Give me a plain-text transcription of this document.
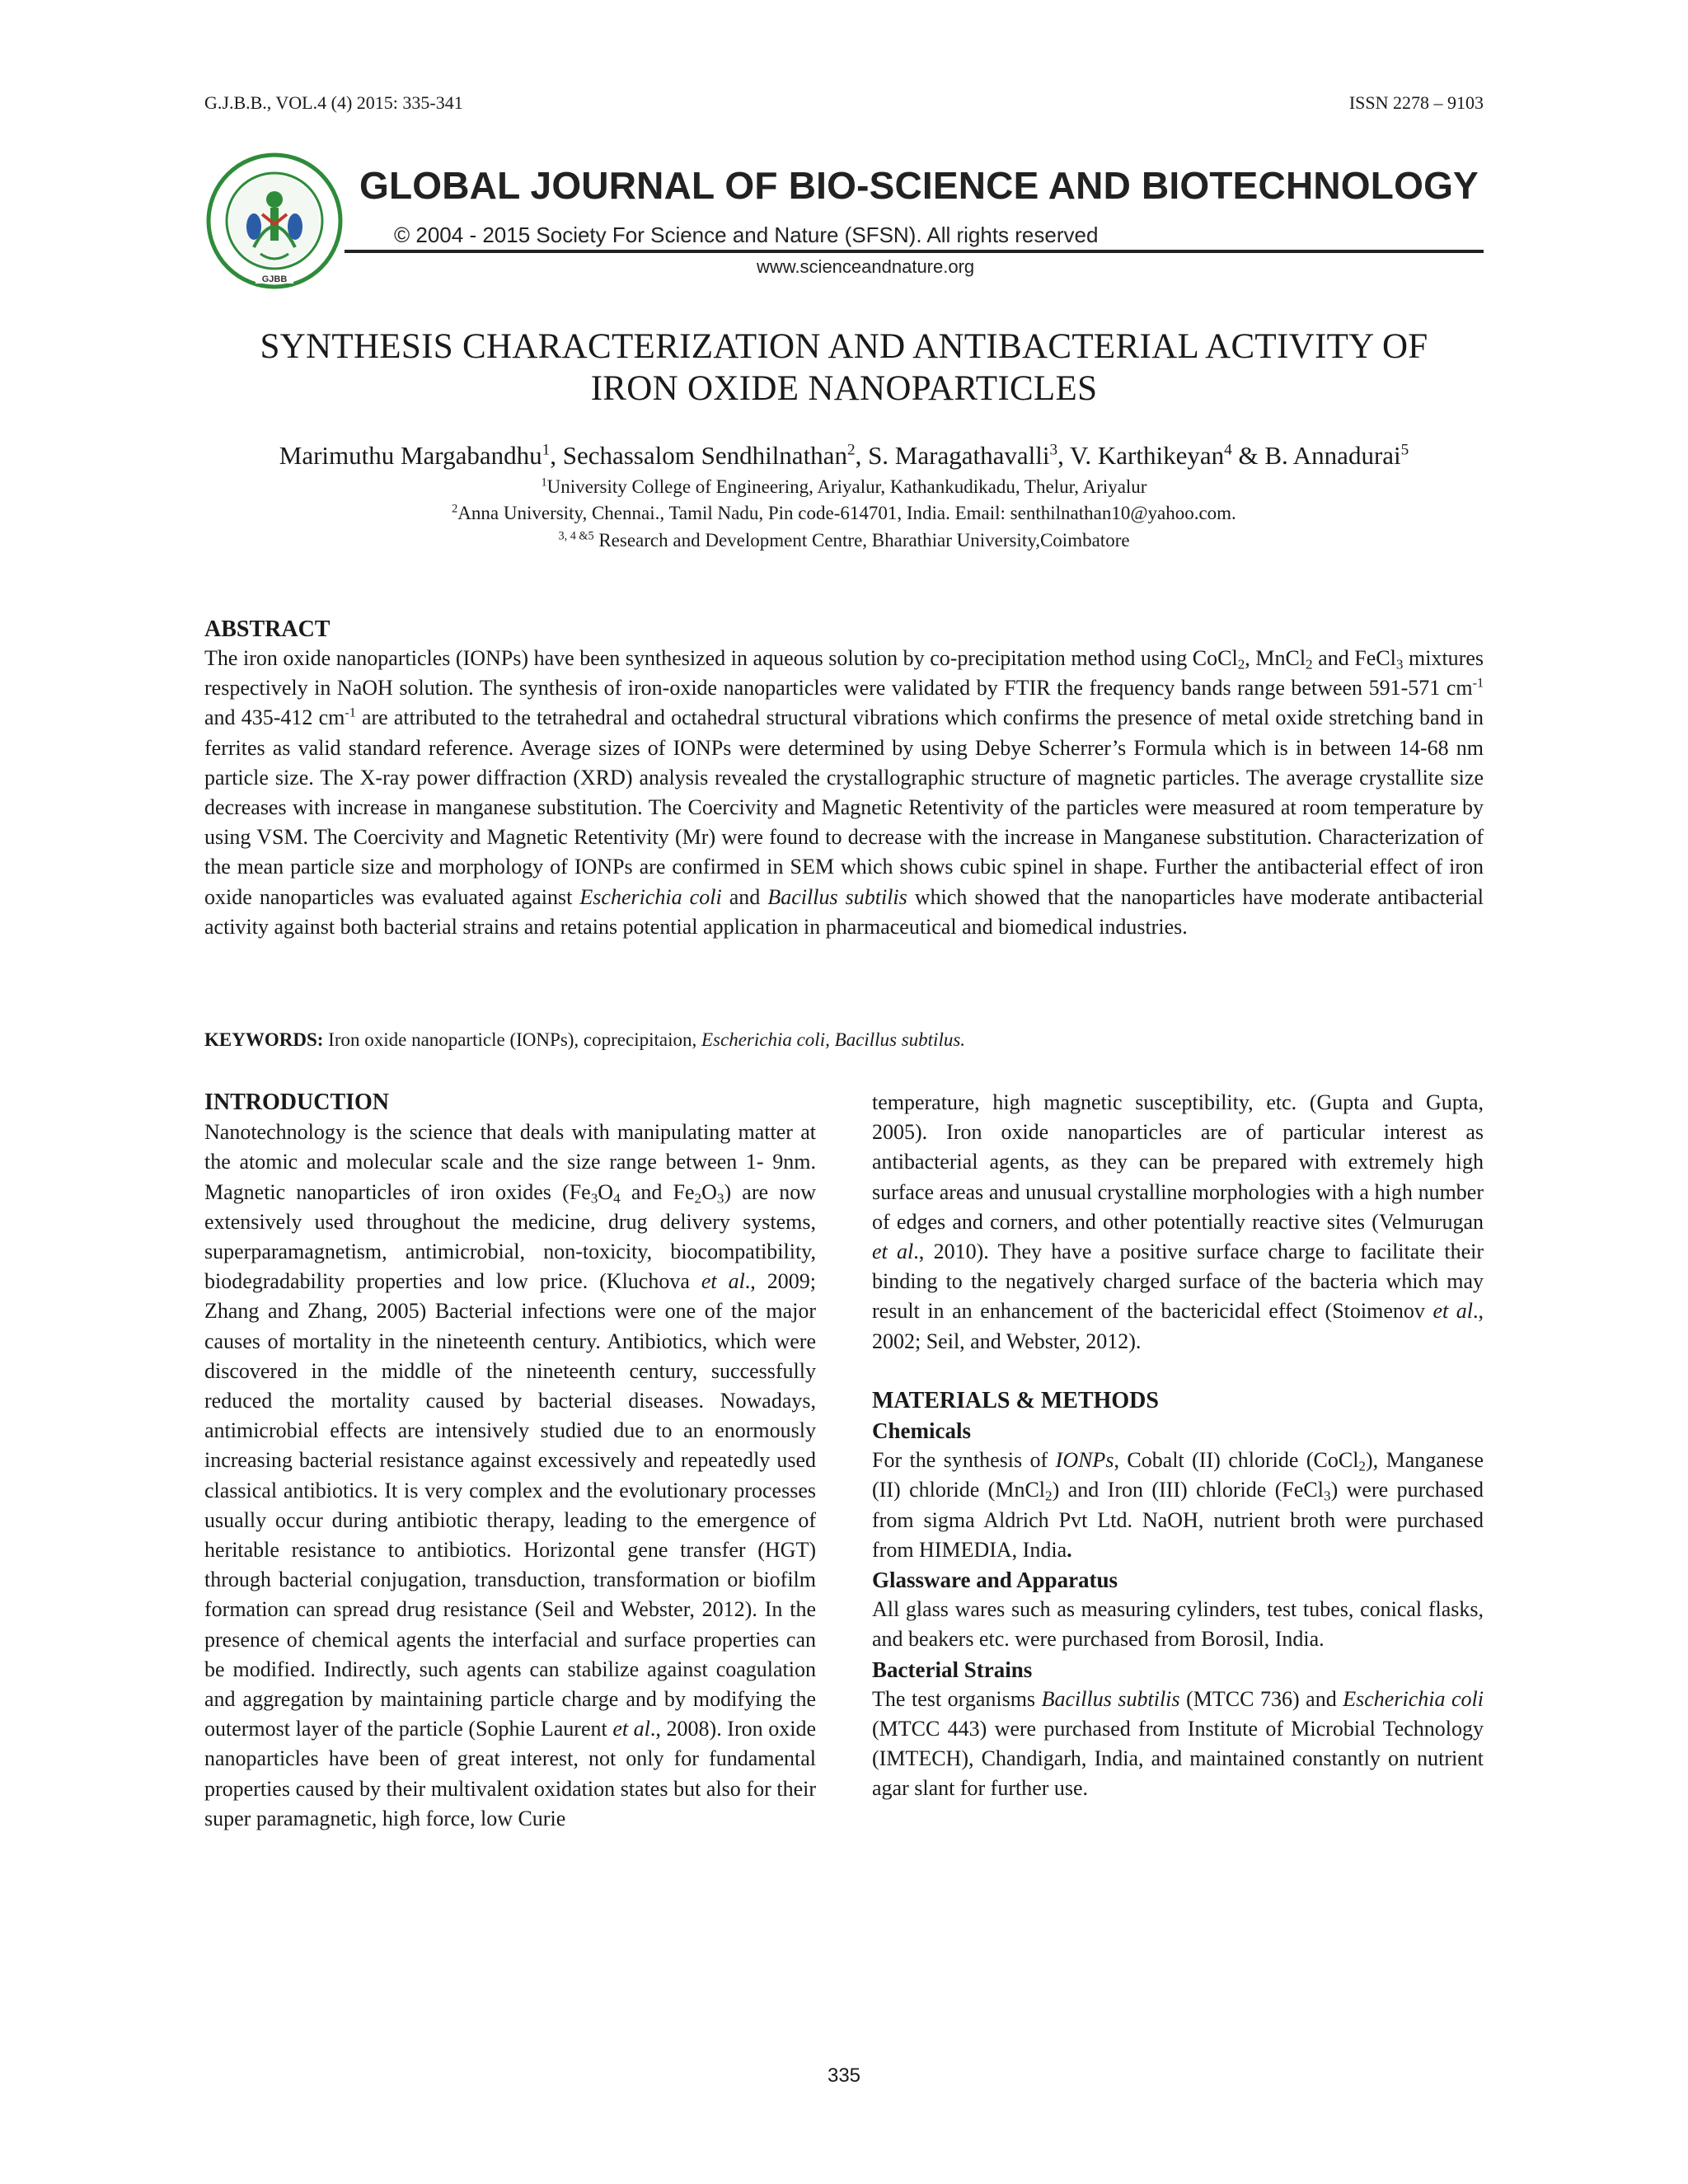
G.J.B.B., VOL.4 (4) 2015: 335-341	ISSN 2278 – 9103
GJBB
GLOBAL JOURNAL OF BIO-SCIENCE AND BIOTECHNOLOGY
© 2004 - 2015 Society For Science and Nature (SFSN). All rights reserved
www.scienceandnature.org
SYNTHESIS CHARACTERIZATION AND ANTIBACTERIAL ACTIVITY OF
IRON OXIDE NANOPARTICLES
Marimuthu Margabandhu$^1$, Sechassalom Sendhilnathan$^2$, S. Maragathavalli$^3$, V. Karthikeyan$^4$ & B. Annadurai$^5$
$^1$University College of Engineering, Ariyalur, Kathankudikadu, Thelur, Ariyalur
$^2$Anna University, Chennai., Tamil Nadu, Pin code-614701, India. Email: senthilnathan10@yahoo.com.
$^{3, 4 \&5}$ Research and Development Centre, Bharathiar University,Coimbatore
ABSTRACT
The iron oxide nanoparticles (IONPs) have been synthesized in aqueous solution by co-precipitation method using CoCl$_2$, MnCl$_2$ and FeCl$_3$ mixtures respectively in NaOH solution. The synthesis of iron-oxide nanoparticles were validated by FTIR the frequency bands range between 591-571 $cm^{-1}$ and 435-412 $cm^{-1}$ are attributed to the tetrahedral and octahedral structural vibrations which confirms the presence of metal oxide stretching band in ferrites as valid standard reference. Average sizes of IONPs were determined by using Debye Scherrer’s Formula which is in between 14-68 nm particle size. The X-ray power diffraction (XRD) analysis revealed the crystallographic structure of magnetic particles. The average crystallite size decreases with increase in manganese substitution. The Coercivity and Magnetic Retentivity of the particles were measured at room temperature by using VSM. The Coercivity and Magnetic Retentivity (Mr) were found to decrease with the increase in Manganese substitution. Characterization of the mean particle size and morphology of IONPs are confirmed in SEM which shows cubic spinel in shape. Further the antibacterial effect of iron oxide nanoparticles was evaluated against Escherichia coli and Bacillus subtilis which showed that the nanoparticles have moderate antibacterial activity against both bacterial strains and retains potential application in pharmaceutical and biomedical industries.
KEYWORDS: Iron oxide nanoparticle (IONPs), coprecipitaion, Escherichia coli, Bacillus subtilus.
INTRODUCTION

Nanotechnology is the science that deals with manipulating matter at the atomic and molecular scale and the size range between 1- 9nm. Magnetic nanoparticles of iron oxides ($Fe_3O_4$ and $Fe_2O_3$) are now extensively used throughout the medicine, drug delivery systems, superparamagnetism, antimicrobial, non-toxicity, biocompatibility, biodegradability properties and low price. (Kluchova et al., 2009; Zhang and Zhang, 2005) Bacterial infections were one of the major causes of mortality in the nineteenth century. Antibiotics, which were discovered in the middle of the nineteenth century, successfully reduced the mortality caused by bacterial diseases. Nowadays, antimicrobial effects are intensively studied due to an enormously increasing bacterial resistance against excessively and repeatedly used classical antibiotics. It is very complex and the evolutionary processes usually occur during antibiotic therapy, leading to the emergence of heritable resistance to antibiotics. Horizontal gene transfer (HGT) through bacterial conjugation, transduction, transformation or biofilm formation can spread drug resistance (Seil and Webster, 2012). In the presence of chemical agents the interfacial and surface properties can be modified. Indirectly, such agents can stabilize against coagulation and aggregation by maintaining particle charge and by modifying the outermost layer of the particle (Sophie Laurent et al., 2008). Iron oxide nanoparticles have been of great interest, not only for fundamental properties caused by their multivalent oxidation states but also for their super paramagnetic, high force, low Curie

temperature, high magnetic susceptibility, etc. (Gupta and Gupta, 2005). Iron oxide nanoparticles are of particular interest as antibacterial agents, as they can be prepared with extremely high surface areas and unusual crystalline morphologies with a high number of edges and corners, and other potentially reactive sites (Velmurugan et al., 2010). They have a positive surface charge to facilitate their binding to the negatively charged surface of the bacteria which may result in an enhancement of the bactericidal effect (Stoimenov et al., 2002; Seil, and Webster, 2012).

MATERIALS & METHODS
Chemicals

For the synthesis of IONPs, Cobalt (II) chloride (CoCl$_2$), Manganese (II) chloride (MnCl$_2$) and Iron (III) chloride (FeCl$_3$) were purchased from sigma Aldrich Pvt Ltd. NaOH, nutrient broth were purchased from HIMEDIA, India.

Glassware and Apparatus

All glass wares such as measuring cylinders, test tubes, conical flasks, and beakers etc. were purchased from Borosil, India.

Bacterial Strains

The test organisms Bacillus subtilis (MTCC 736) and Escherichia coli (MTCC 443) were purchased from Institute of Microbial Technology (IMTECH), Chandigarh, India, and maintained constantly on nutrient agar slant for further use.

335
